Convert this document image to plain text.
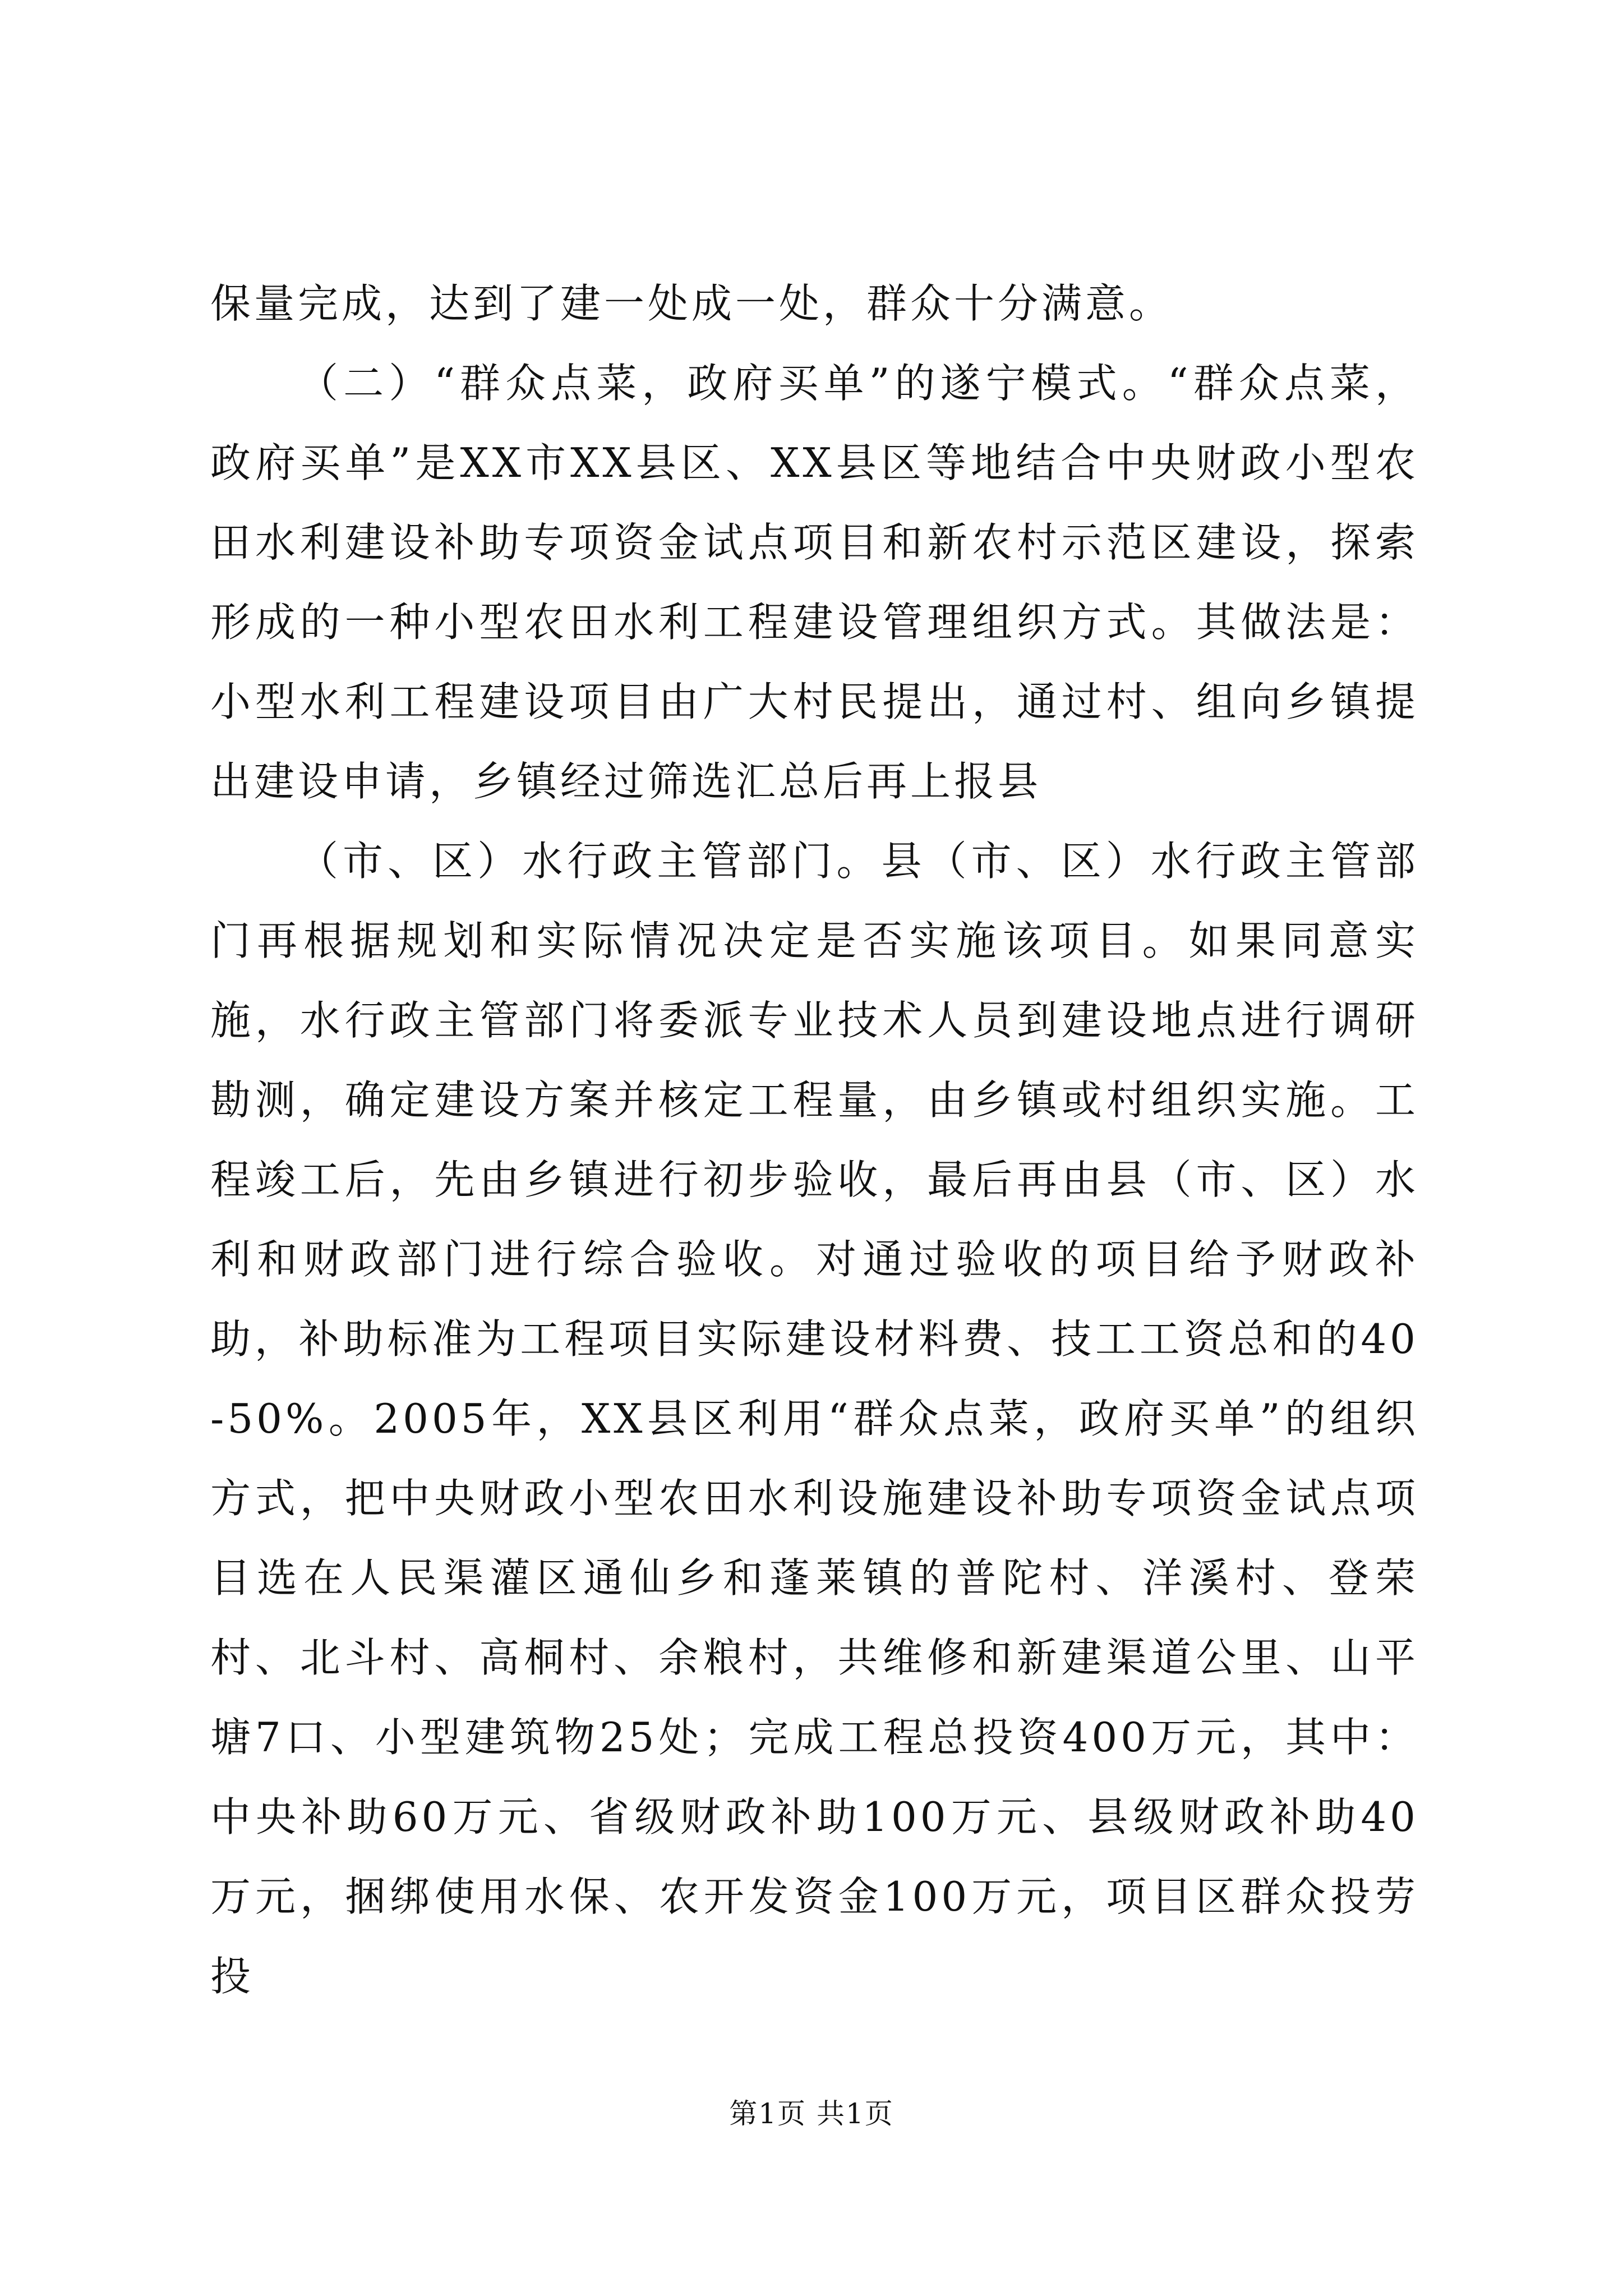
保量完成，达到了建一处成一处，群众十分满意。

（二）“群众点菜，政府买单”的遂宁模式。“群众点菜，政府买单”是XX市XX县区、XX县区等地结合中央财政小型农田水利建设补助专项资金试点项目和新农村示范区建设，探索形成的一种小型农田水利工程建设管理组织方式。其做法是：小型水利工程建设项目由广大村民提出，通过村、组向乡镇提出建设申请，乡镇经过筛选汇总后再上报县

（市、区）水行政主管部门。县（市、区）水行政主管部门再根据规划和实际情况决定是否实施该项目。如果同意实施，水行政主管部门将委派专业技术人员到建设地点进行调研勘测，确定建设方案并核定工程量，由乡镇或村组织实施。工程竣工后，先由乡镇进行初步验收，最后再由县（市、区）水利和财政部门进行综合验收。对通过验收的项目给予财政补助，补助标准为工程项目实际建设材料费、技工工资总和的40-50%。2005年，XX县区利用“群众点菜，政府买单”的组织方式，把中央财政小型农田水利设施建设补助专项资金试点项目选在人民渠灌区通仙乡和蓬莱镇的普陀村、洋溪村、登荣村、北斗村、高桐村、余粮村，共维修和新建渠道公里、山平塘7口、小型建筑物25处；完成工程总投资400万元，其中：中央补助60万元、省级财政补助100万元、县级财政补助40万元，捆绑使用水保、农开发资金100万元，项目区群众投劳投

第1页 共1页
